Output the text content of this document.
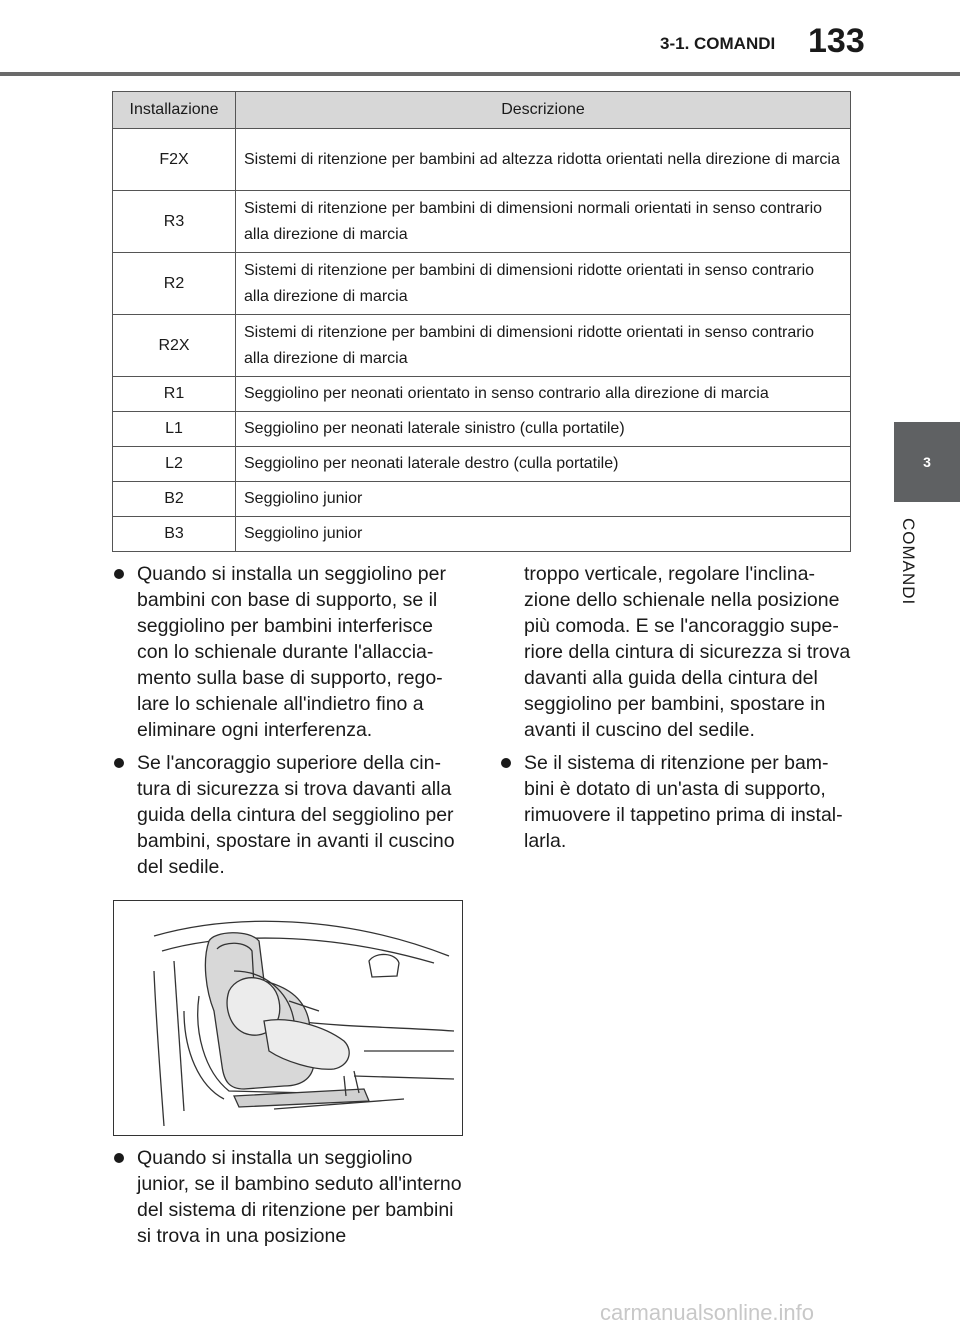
3-1. COMANDI 133
3
COMANDI
Installazione	Descrizione
F2X	Sistemi di ritenzione per bambini ad altezza ridotta orientati nella direzione di marcia
R3	Sistemi di ritenzione per bambini di dimensioni normali orientati in senso contrario alla direzione di marcia
R2	Sistemi di ritenzione per bambini di dimensioni ridotte orientati in senso contrario alla direzione di marcia
R2X	Sistemi di ritenzione per bambini di dimensioni ridotte orientati in senso contrario alla direzione di marcia
R1	Seggiolino per neonati orientato in senso contrario alla direzione di marcia
L1	Seggiolino per neonati laterale sinistro (culla portatile)
L2	Seggiolino per neonati laterale destro (culla portatile)
B2	Seggiolino junior
B3	Seggiolino junior
Quando si installa un seggiolino per bambini con base di supporto, se il seggiolino per bambini interferisce con lo schienale durante l'allaccia-mento sulla base di supporto, rego-lare lo schienale all'indietro fino a eliminare ogni interferenza.
Se l'ancoraggio superiore della cin-tura di sicurezza si trova davanti alla guida della cintura del seggiolino per bambini, spostare in avanti il cuscino del sedile.
Quando si installa un seggiolino junior, se il bambino seduto all'interno del sistema di ritenzione per bambini si trova in una posizione
troppo verticale, regolare l'inclina-zione dello schienale nella posizione più comoda. E se l'ancoraggio supe-riore della cintura di sicurezza si trova davanti alla guida della cintura del seggiolino per bambini, spostare in avanti il cuscino del sedile.
Se il sistema di ritenzione per bam-bini è dotato di un'asta di supporto, rimuovere il tappetino prima di instal-larla.
carmanualsonline.info
